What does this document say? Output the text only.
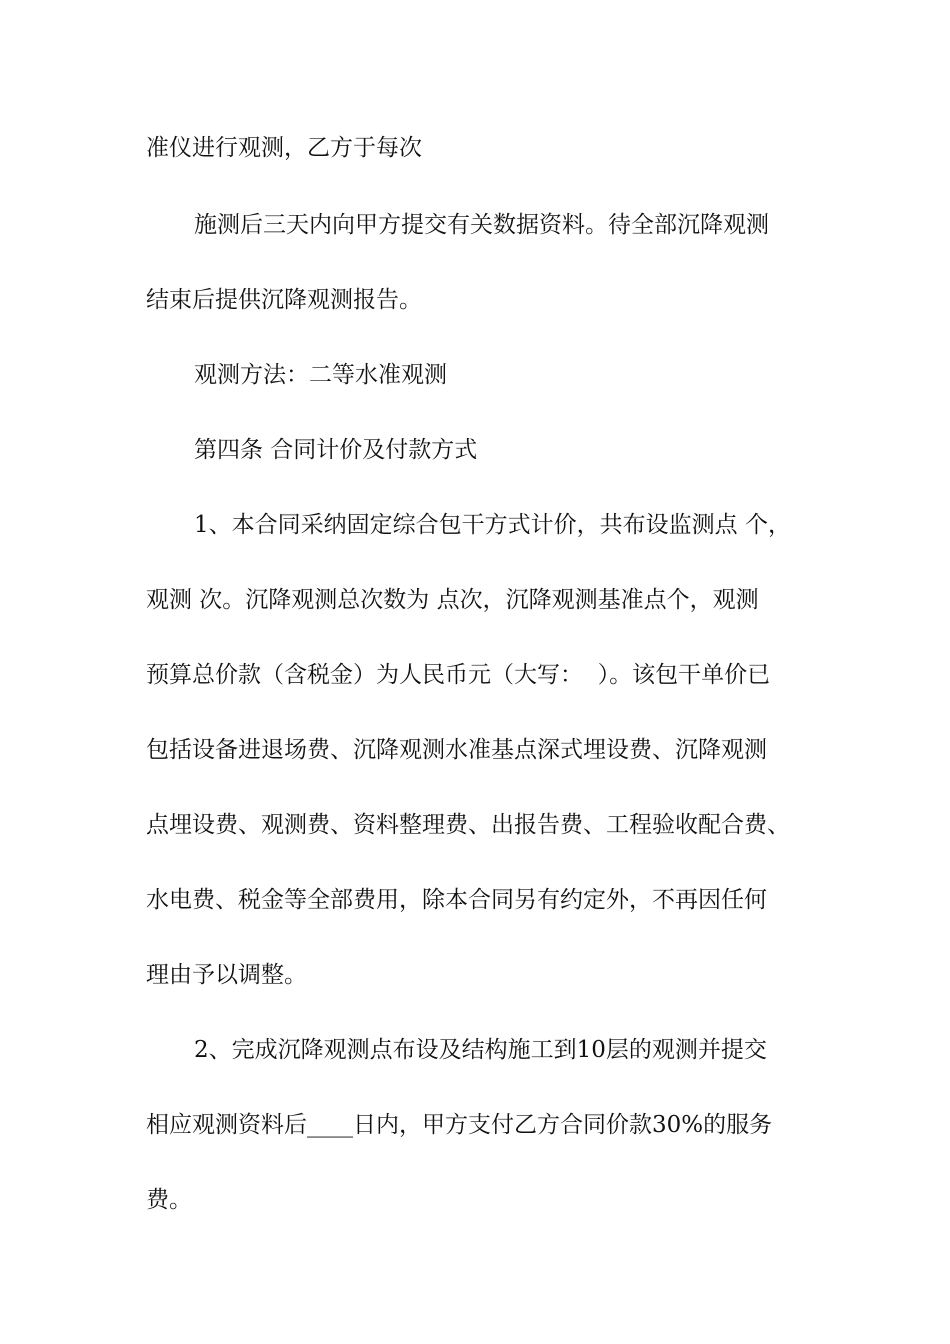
准仪进行观测，乙方于每次
施测后三天内向甲方提交有关数据资料。待全部沉降观测
结束后提供沉降观测报告。
观测方法：二等水准观测
第四条 合同计价及付款方式
1、本合同采纳固定综合包干方式计价，共布设监测点 个，
观测 次。沉降观测总次数为 点次，沉降观测基准点个，观测
预算总价款（含税金）为人民币元（大写：  ）。该包干单价已
包括设备进退场费、沉降观测水准基点深式埋设费、沉降观测
点埋设费、观测费、资料整理费、出报告费、工程验收配合费、
水电费、税金等全部费用，除本合同另有约定外，不再因任何
理由予以调整。
2、完成沉降观测点布设及结构施工到10层的观测并提交
相应观测资料后____日内，甲方支付乙方合同价款30%的服务
费。
